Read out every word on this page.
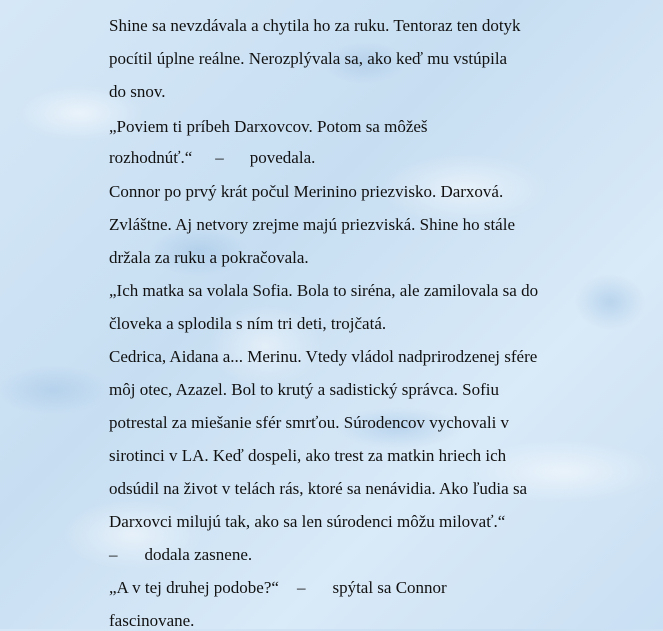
Shine sa nevzdávala a chytila ho za ruku. Tentoraz ten dotyk
pocítil úplne reálne. Nerozplývala sa, ako keď mu vstúpila
do snov.
„Poviem ti príbeh Darxovcov. Potom sa môžeš
rozhodnúť.“ – povedala.
Connor po prvý krát počul Merinino priezvisko. Darxová.
Zvláštne. Aj netvory zrejme majú priezviská. Shine ho stále
držala za ruku a pokračovala.
„Ich matka sa volala Sofia. Bola to siréna, ale zamilovala sa do
človeka a splodila s ním tri deti, trojčatá.
Cedrica, Aidana a... Merinu. Vtedy vládol nadprirodzenej sfére
môj otec, Azazel. Bol to krutý a sadistický správca. Sofiu
potrestal za miešanie sfér smrťou. Súrodencov vychovali v
sirotinci v LA. Keď dospeli, ako trest za matkin hriech ich
odsúdil na život v telách rás, ktoré sa nenávidia. Ako ľudia sa
Darxovci milujú tak, ako sa len súrodenci môžu milovať.“
– dodala zasnene.
„A v tej druhej podobe?“ – spýtal sa Connor
fascinovane.
